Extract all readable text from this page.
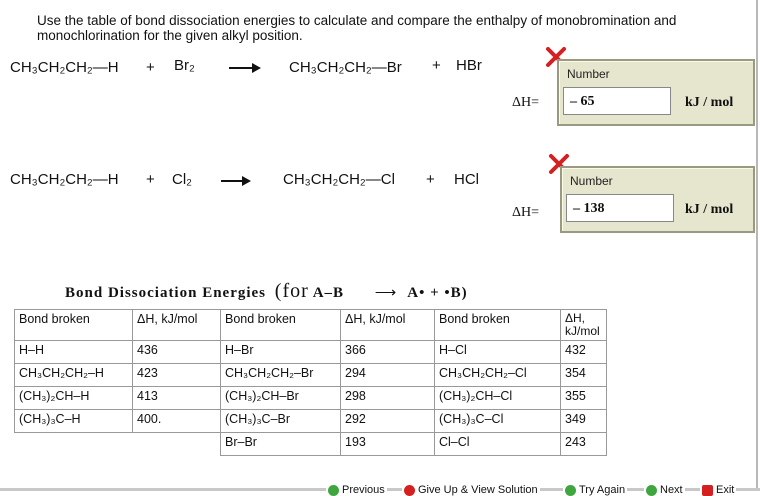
Use the table of bond dissociation energies to calculate and compare the enthalpy of monobromination and monochlorination for the given alkyl position.
CH₃CH₂CH₂—H + Br₂	CH₃CH₂CH₂—Br + HBr	Number
– 65	kJ / mol
ΔH=
CH₃CH₂CH₂—H + Cl₂	CH₃CH₂CH₂—Cl + HCl	Number
– 138	kJ / mol
ΔH=
Bond Dissociation Energies (for A–B ⟶ A• + •B)
Bond broken	ΔH, kJ/mol	Bond broken	ΔH, kJ/mol	Bond broken	ΔH, kJ/mol
H–H	436	H–Br	366	H–Cl	432
CH₃CH₂CH₂–H	423	CH₃CH₂CH₂–Br	294	CH₃CH₂CH₂–Cl	354
(CH₃)₂CH–H	413	(CH₃)₂CH–Br	298	(CH₃)₂CH–Cl	355
(CH₃)₃C–H	400.	(CH₃)₃C–Br	292	(CH₃)₃C–Cl	349
		Br–Br	193	Cl–Cl	243
Previous	Give Up & View Solution	Try Again	Next	Exit
